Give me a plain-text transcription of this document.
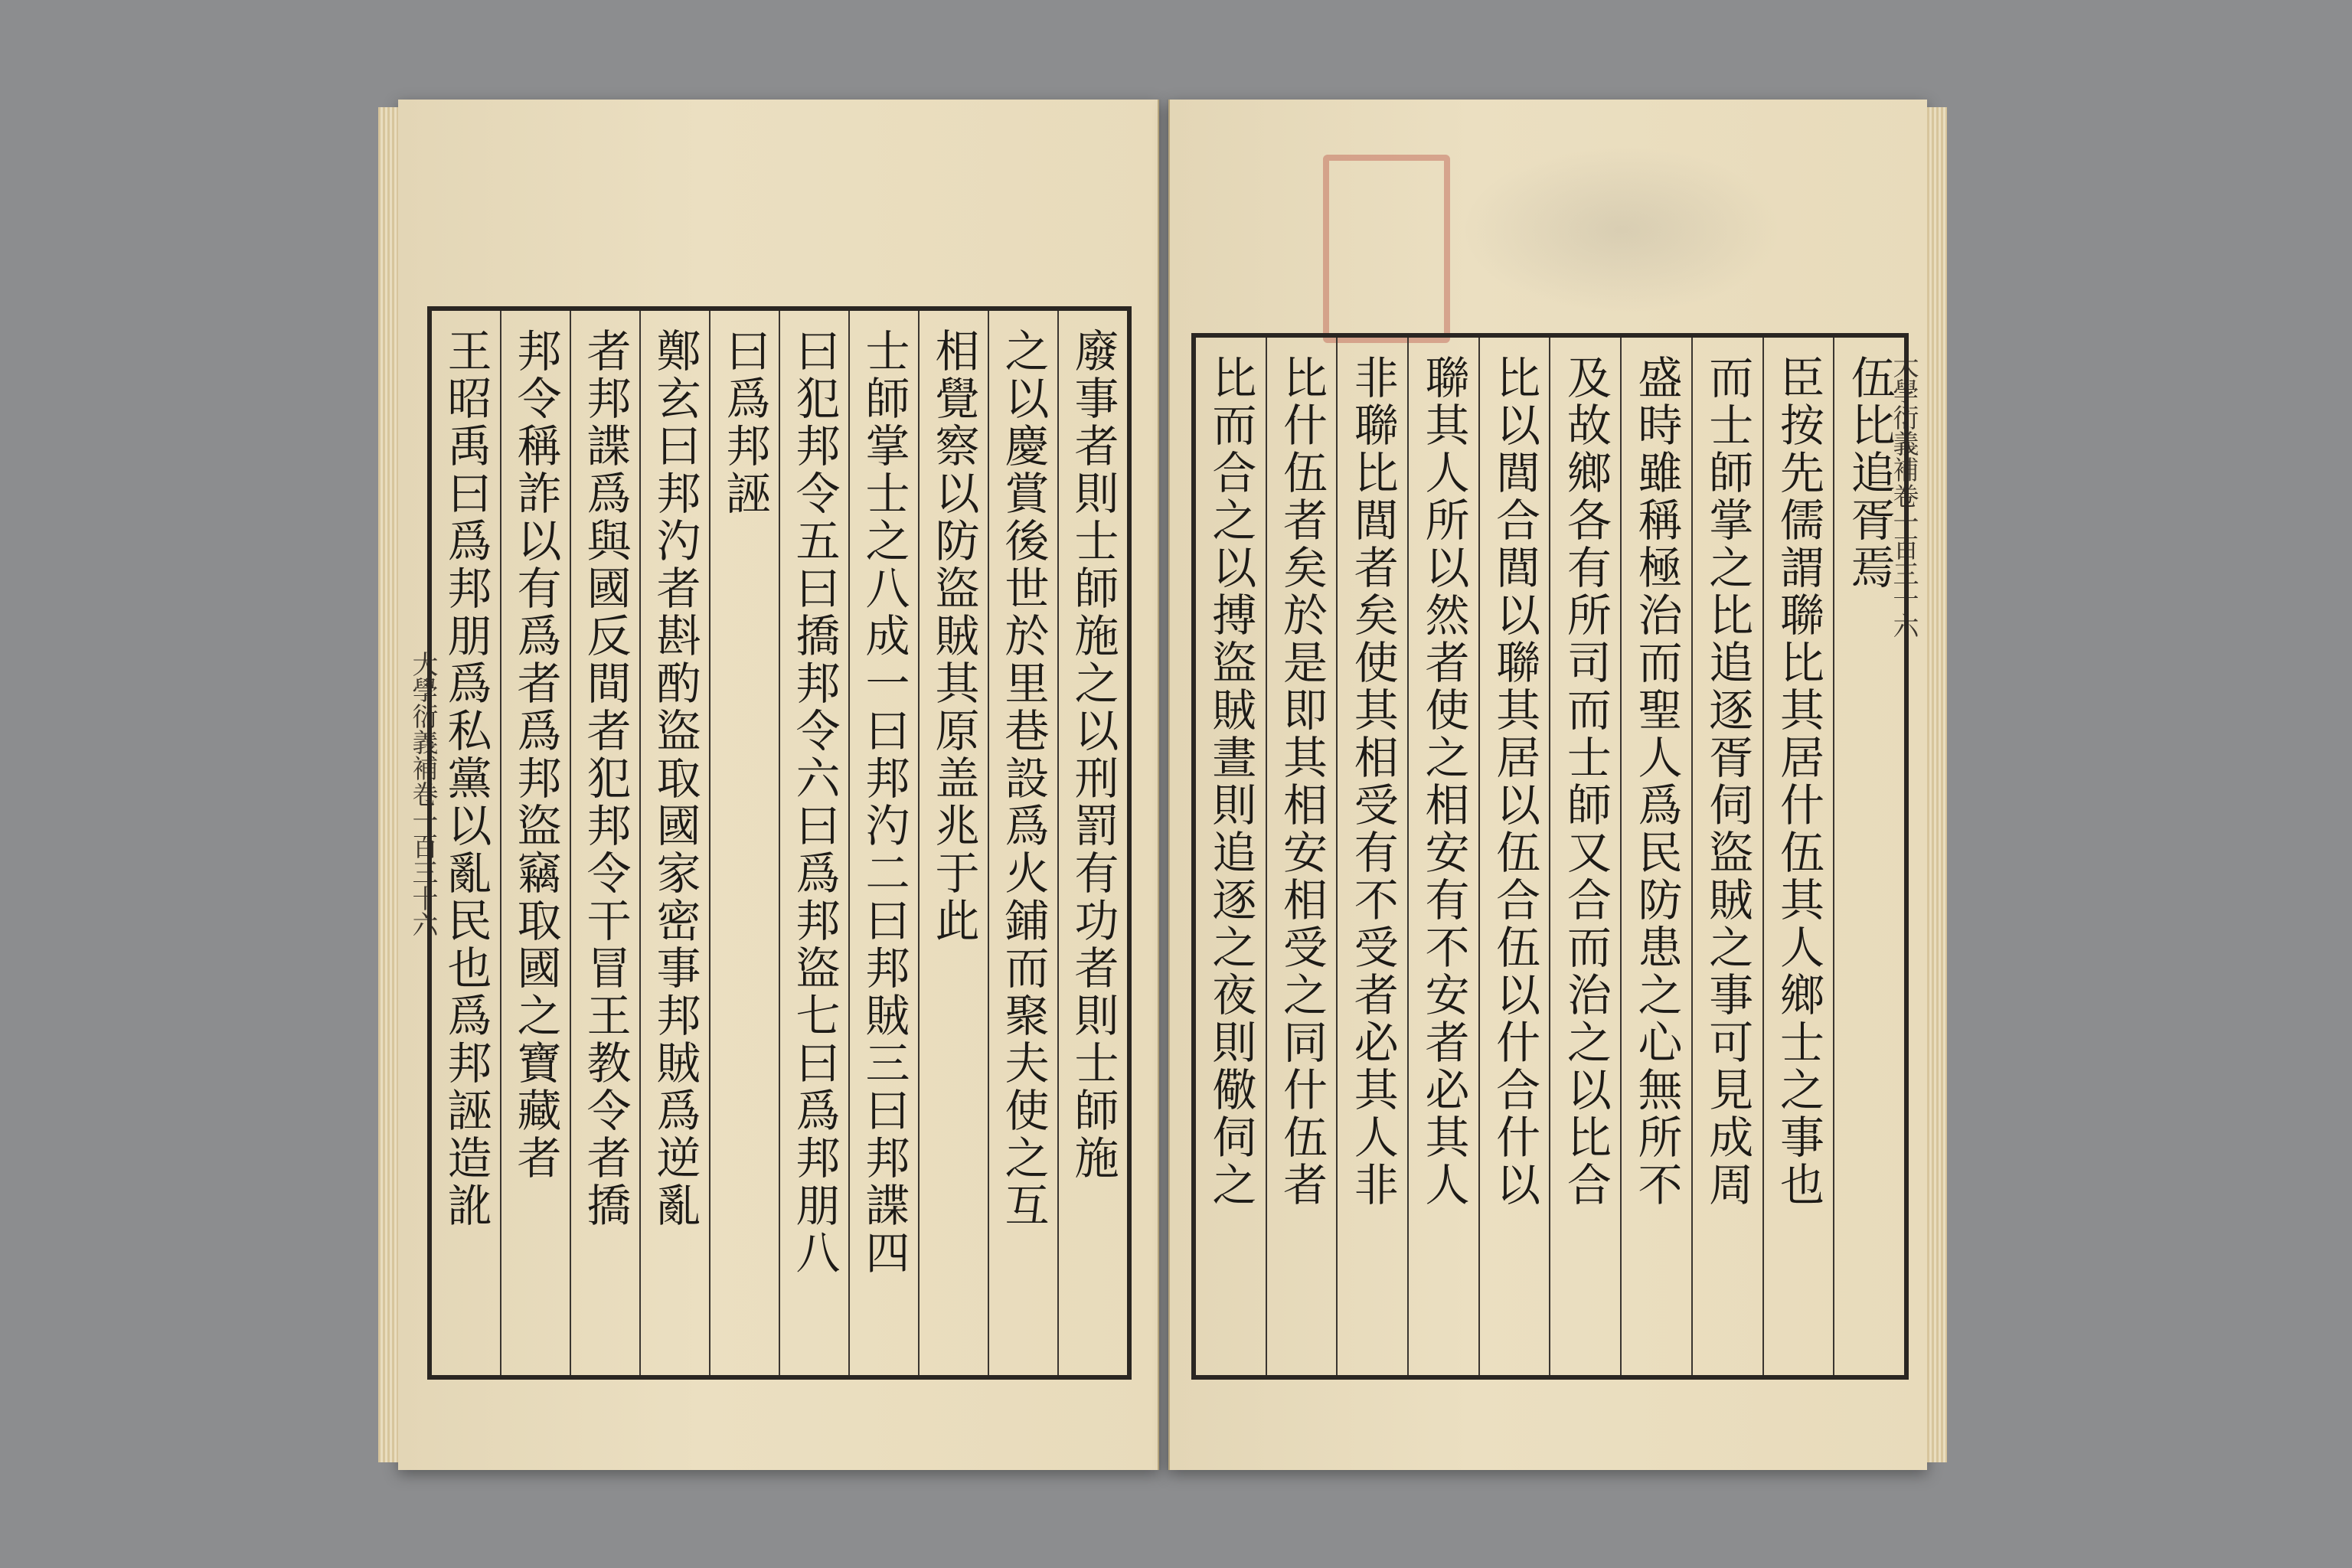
大學衍義補卷一百三十六	廢事者則士師施之以刑罰有功者則士師施
之以慶賞後世於里巷設爲火鋪而聚夫使之互
相覺察以防盜賊其原盖兆于此
士師掌士之八成一曰邦汋二曰邦賊三曰邦諜四
曰犯邦令五曰撟邦令六曰爲邦盜七曰爲邦朋八
曰爲邦誣
鄭玄曰邦汋者斟酌盜取國家密事邦賊爲逆亂
者邦諜爲與國反間者犯邦令干冒王教令者撟
邦令稱詐以有爲者爲邦盜竊取國之寶藏者
王昭禹曰爲邦朋爲私黨以亂民也爲邦誣造訛	大學衍義補卷一百三十六
伍比追胥焉
臣按先儒謂聯比其居什伍其人鄉士之事也
而士師掌之比追逐胥伺盜賊之事可見成周
盛時雖稱極治而聖人爲民防患之心無所不
及故鄉各有所司而士師又合而治之以比合
比以閭合閭以聯其居以伍合伍以什合什以
聯其人所以然者使之相安有不安者必其人
非聯比閭者矣使其相受有不受者必其人非
比什伍者矣於是即其相安相受之同什伍者
比而合之以搏盜賊晝則追逐之夜則儆伺之
